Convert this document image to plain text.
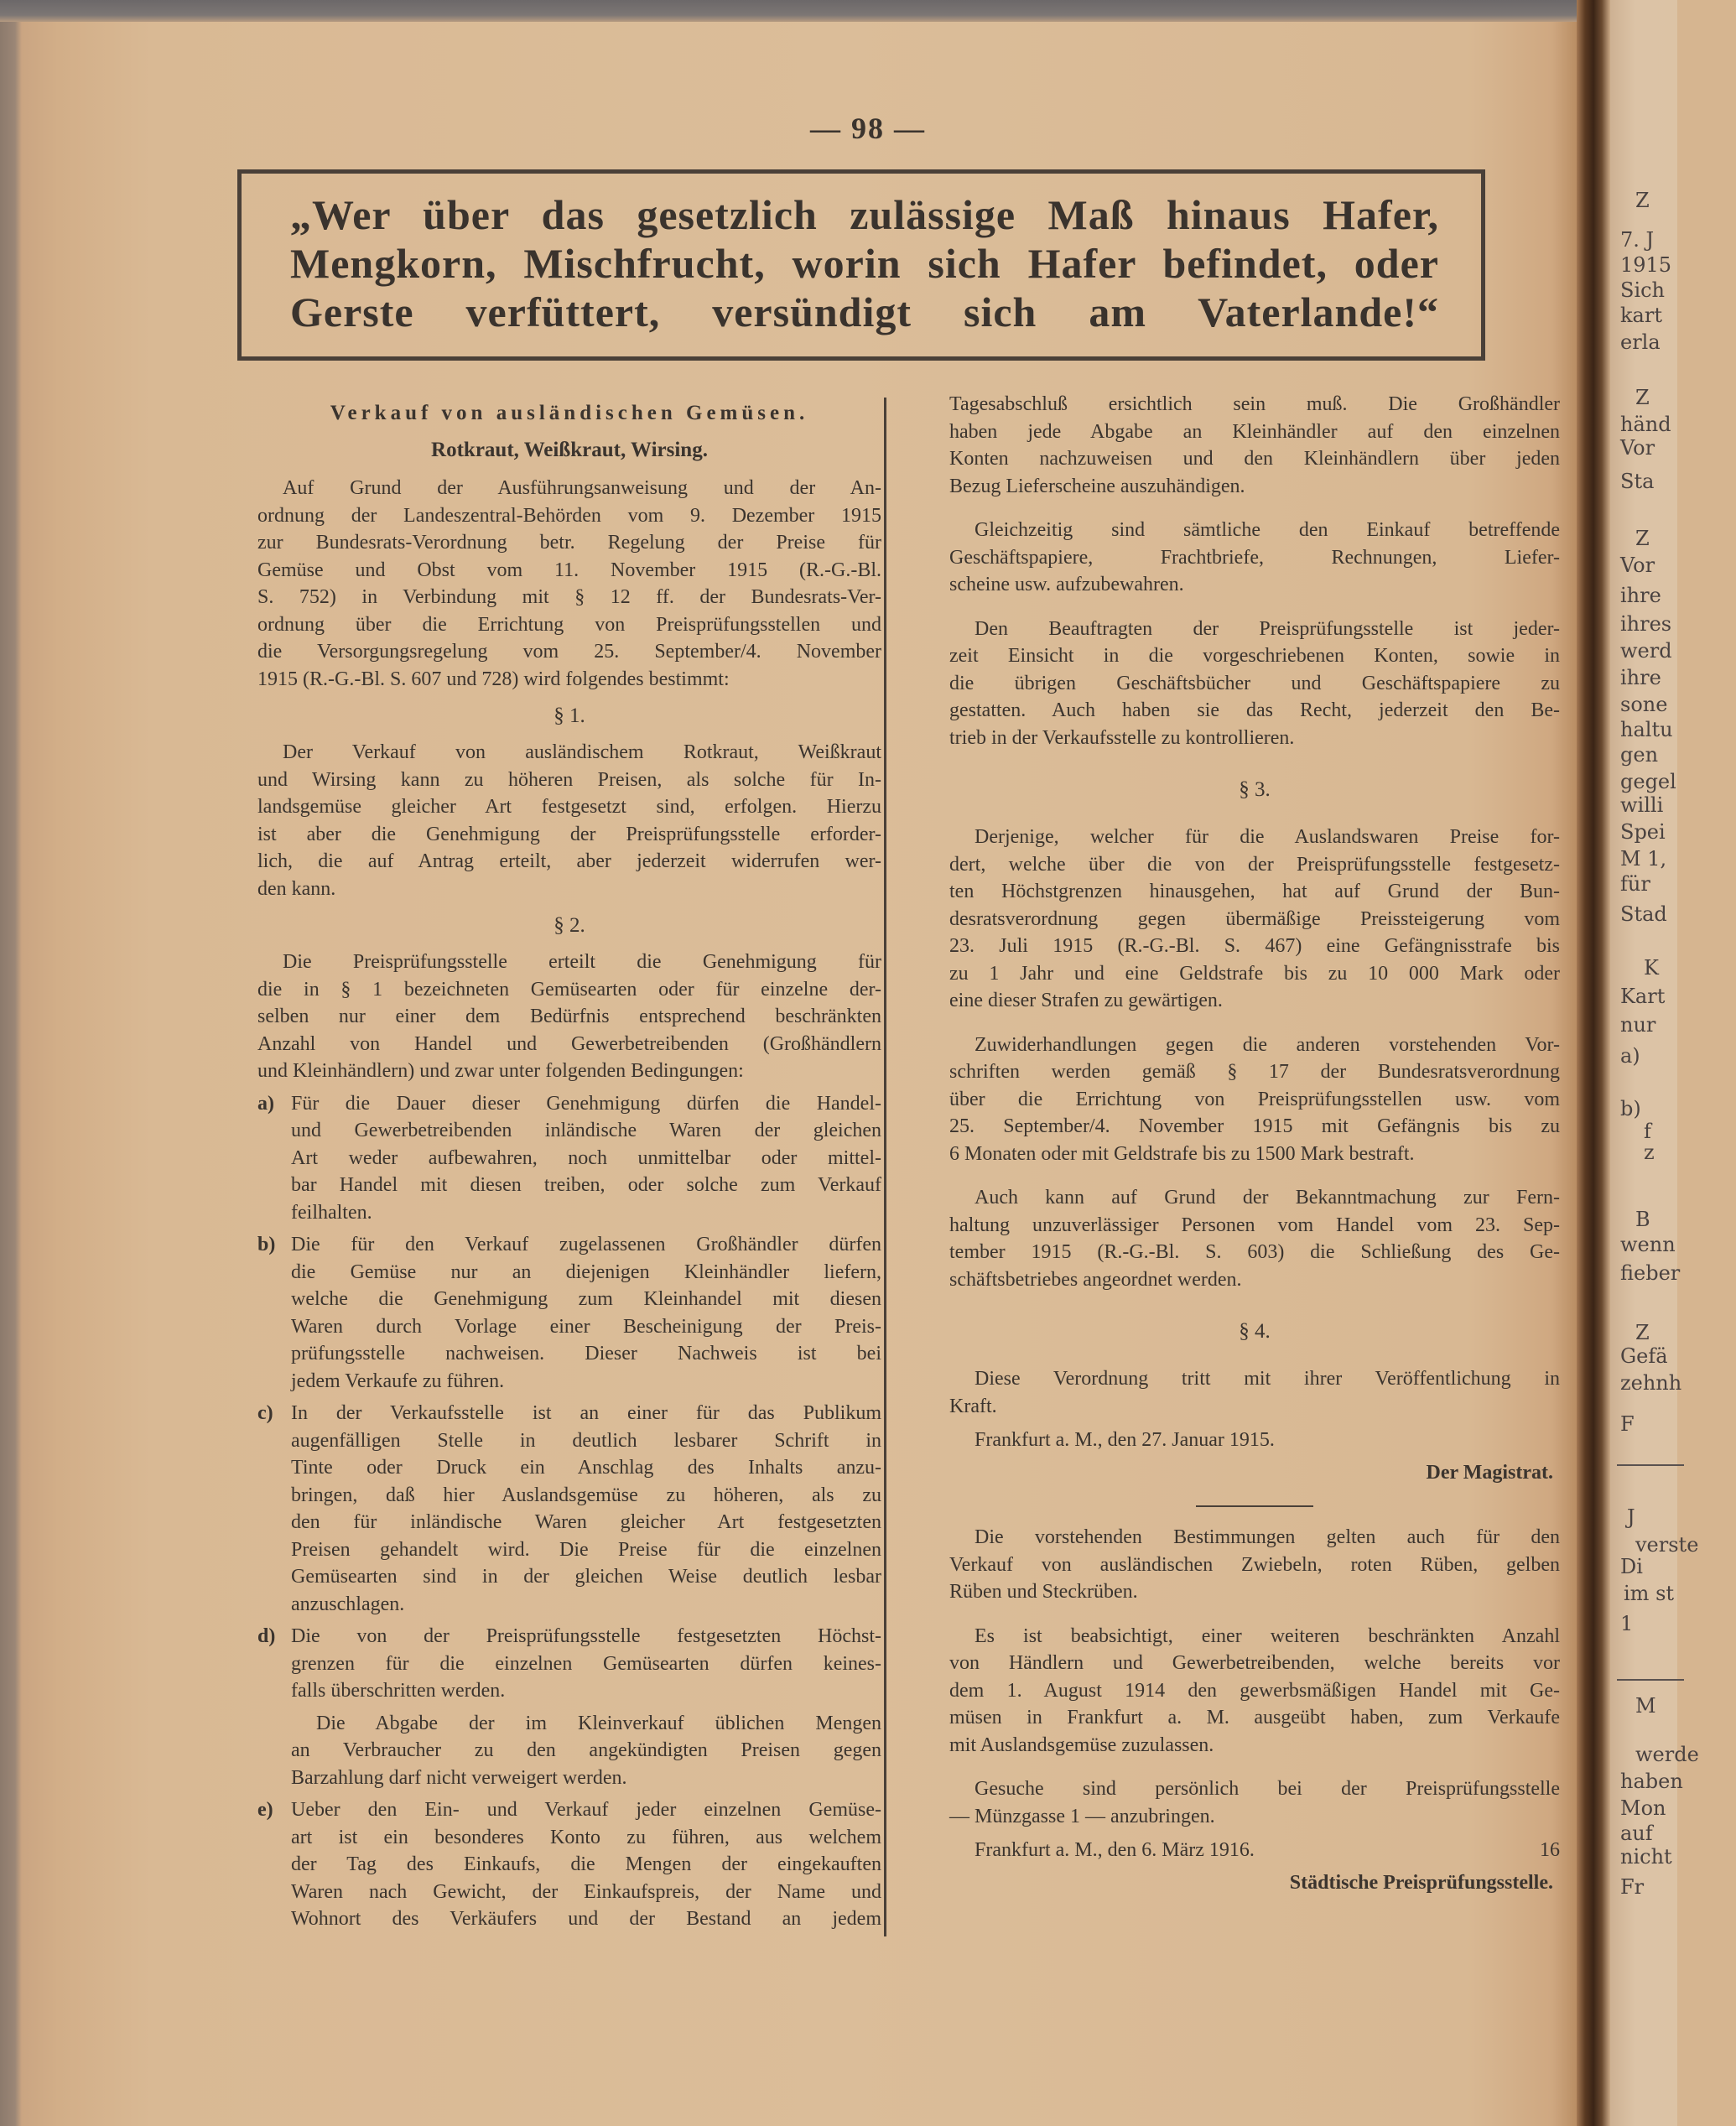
Z
7. J
1915
Sich
kart
erla
Z
händ
Vor
Sta
Z
Vor
ihre
ihres
werd
ihre
sone
haltu
gen
gegel
willi
Spei
M 1,
für
Stad
K
Kart
nur
a)
b)
f
z
B
wenn
fieber
Z
Gefä
zehnh
F
J
verste
Di
im st
1
M
werde
haben
Mon
auf
nicht
Fr
— 98 —
„Wer über das gesetzlich zulässige Maß hinaus Hafer,
Mengkorn, Mischfrucht, worin sich Hafer befindet, oder
Gerste verfüttert, versündigt sich am Vaterlande!“
Verkauf von ausländischen Gemüsen.
Rotkraut, Weißkraut, Wirsing.
Auf Grund der Ausführungsanweisung und der An-
ordnung der Landeszentral-Behörden vom 9. Dezember 1915
zur Bundesrats-Verordnung betr. Regelung der Preise für
Gemüse und Obst vom 11. November 1915 (R.-G.-Bl.
S. 752) in Verbindung mit § 12 ff. der Bundesrats-Ver-
ordnung über die Errichtung von Preisprüfungsstellen und
die Versorgungsregelung vom 25. September/4. November
1915 (R.-G.-Bl. S. 607 und 728) wird folgendes bestimmt:
§ 1.
Der Verkauf von ausländischem Rotkraut, Weißkraut
und Wirsing kann zu höheren Preisen, als solche für In-
landsgemüse gleicher Art festgesetzt sind, erfolgen. Hierzu
ist aber die Genehmigung der Preisprüfungsstelle erforder-
lich, die auf Antrag erteilt, aber jederzeit widerrufen wer-
den kann.
§ 2.
Die Preisprüfungsstelle erteilt die Genehmigung für
die in § 1 bezeichneten Gemüsearten oder für einzelne der-
selben nur einer dem Bedürfnis entsprechend beschränkten
Anzahl von Handel und Gewerbetreibenden (Großhändlern
und Kleinhändlern) und zwar unter folgenden Bedingungen:
a) Für die Dauer dieser Genehmigung dürfen die Handel-
und Gewerbetreibenden inländische Waren der gleichen
Art weder aufbewahren, noch unmittelbar oder mittel-
bar Handel mit diesen treiben, oder solche zum Verkauf
feilhalten.
b) Die für den Verkauf zugelassenen Großhändler dürfen
die Gemüse nur an diejenigen Kleinhändler liefern,
welche die Genehmigung zum Kleinhandel mit diesen
Waren durch Vorlage einer Bescheinigung der Preis-
prüfungsstelle nachweisen. Dieser Nachweis ist bei
jedem Verkaufe zu führen.
c) In der Verkaufsstelle ist an einer für das Publikum
augenfälligen Stelle in deutlich lesbarer Schrift in
Tinte oder Druck ein Anschlag des Inhalts anzu-
bringen, daß hier Auslandsgemüse zu höheren, als zu
den für inländische Waren gleicher Art festgesetzten
Preisen gehandelt wird. Die Preise für die einzelnen
Gemüsearten sind in der gleichen Weise deutlich lesbar
anzuschlagen.
d) Die von der Preisprüfungsstelle festgesetzten Höchst-
grenzen für die einzelnen Gemüsearten dürfen keines-
falls überschritten werden.
Die Abgabe der im Kleinverkauf üblichen Mengen
an Verbraucher zu den angekündigten Preisen gegen
Barzahlung darf nicht verweigert werden.
e) Ueber den Ein- und Verkauf jeder einzelnen Gemüse-
art ist ein besonderes Konto zu führen, aus welchem
der Tag des Einkaufs, die Mengen der eingekauften
Waren nach Gewicht, der Einkaufspreis, der Name und
Wohnort des Verkäufers und der Bestand an jedem
Tagesabschluß ersichtlich sein muß. Die Großhändler
haben jede Abgabe an Kleinhändler auf den einzelnen
Konten nachzuweisen und den Kleinhändlern über jeden
Bezug Lieferscheine auszuhändigen.
Gleichzeitig sind sämtliche den Einkauf betreffende
Geschäftspapiere, Frachtbriefe, Rechnungen, Liefer-
scheine usw. aufzubewahren.
Den Beauftragten der Preisprüfungsstelle ist jeder-
zeit Einsicht in die vorgeschriebenen Konten, sowie in
die übrigen Geschäftsbücher und Geschäftspapiere zu
gestatten. Auch haben sie das Recht, jederzeit den Be-
trieb in der Verkaufsstelle zu kontrollieren.
§ 3.
Derjenige, welcher für die Auslandswaren Preise for-
dert, welche über die von der Preisprüfungsstelle festgesetz-
ten Höchstgrenzen hinausgehen, hat auf Grund der Bun-
desratsverordnung gegen übermäßige Preissteigerung vom
23. Juli 1915 (R.-G.-Bl. S. 467) eine Gefängnisstrafe bis
zu 1 Jahr und eine Geldstrafe bis zu 10 000 Mark oder
eine dieser Strafen zu gewärtigen.
Zuwiderhandlungen gegen die anderen vorstehenden Vor-
schriften werden gemäß § 17 der Bundesratsverordnung
über die Errichtung von Preisprüfungsstellen usw. vom
25. September/4. November 1915 mit Gefängnis bis zu
6 Monaten oder mit Geldstrafe bis zu 1500 Mark bestraft.
Auch kann auf Grund der Bekanntmachung zur Fern-
haltung unzuverlässiger Personen vom Handel vom 23. Sep-
tember 1915 (R.-G.-Bl. S. 603) die Schließung des Ge-
schäftsbetriebes angeordnet werden.
§ 4.
Diese Verordnung tritt mit ihrer Veröffentlichung in
Kraft.
Frankfurt a. M., den 27. Januar 1915.
Der Magistrat.
Die vorstehenden Bestimmungen gelten auch für den
Verkauf von ausländischen Zwiebeln, roten Rüben, gelben
Rüben und Steckrüben.
Es ist beabsichtigt, einer weiteren beschränkten Anzahl
von Händlern und Gewerbetreibenden, welche bereits vor
dem 1. August 1914 den gewerbsmäßigen Handel mit Ge-
müsen in Frankfurt a. M. ausgeübt haben, zum Verkaufe
mit Auslandsgemüse zuzulassen.
Gesuche sind persönlich bei der Preisprüfungsstelle
— Münzgasse 1 — anzubringen.
Frankfurt a. M., den 6. März 1916.	16
Städtische Preisprüfungsstelle.
